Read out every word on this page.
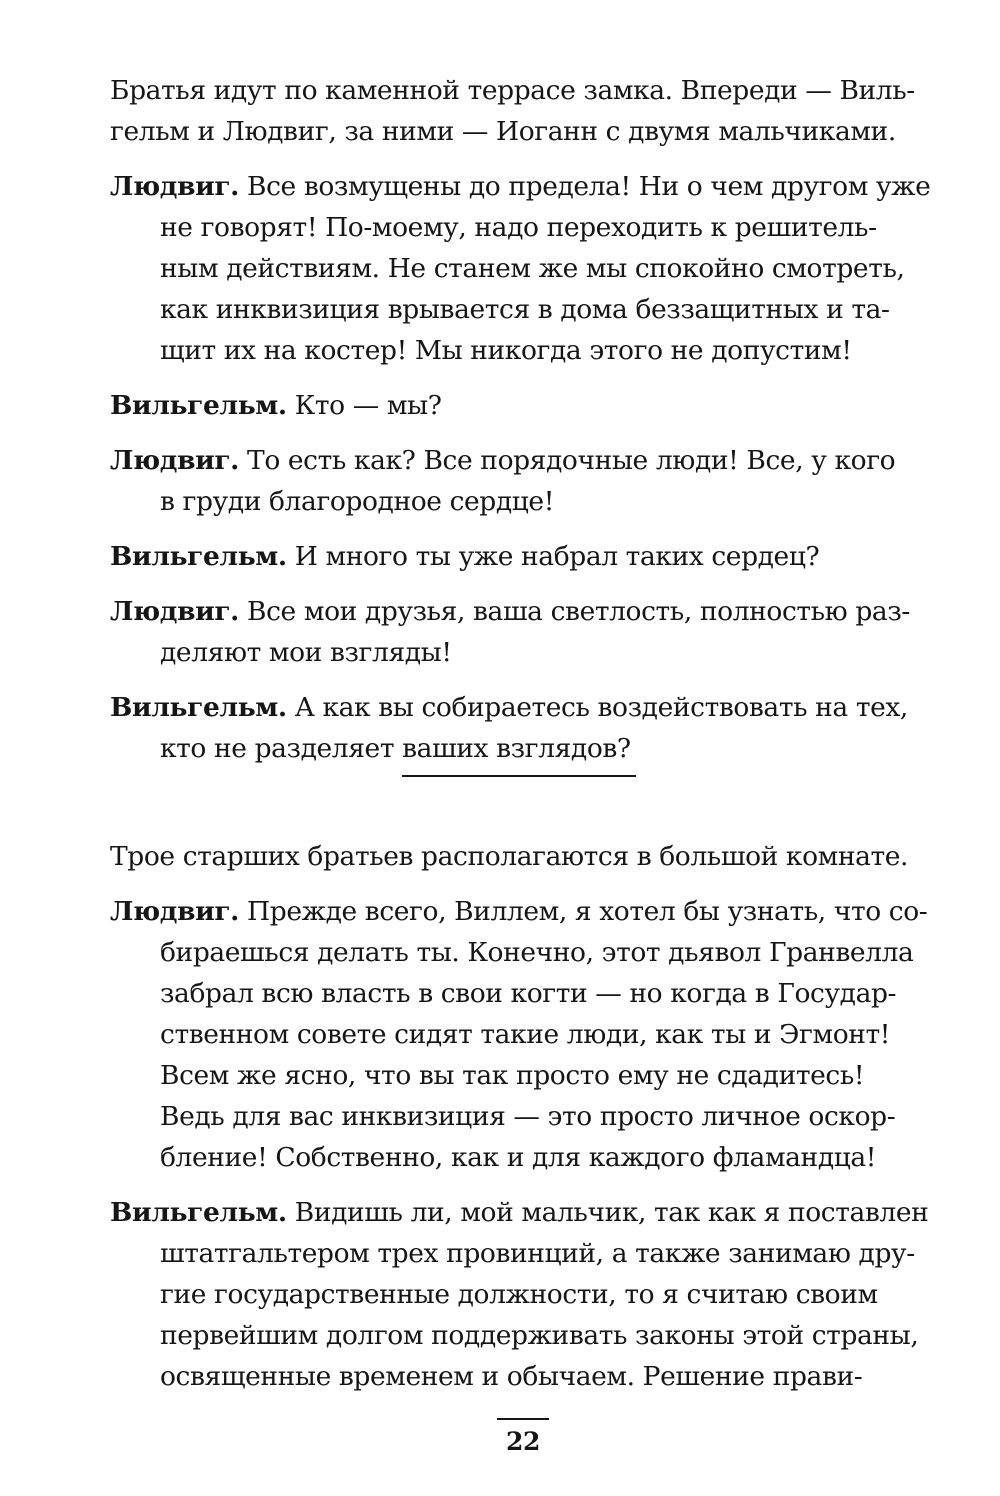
Братья идут по каменной террасе замка. Впереди — Виль-
гельм и Людвиг, за ними — Иоганн с двумя мальчиками.

Людвиг. Все возмущены до предела! Ни о чем другом уже
не говорят! По-моему, надо переходить к решитель-
ным действиям. Не станем же мы спокойно смотреть,
как инквизиция врывается в дома беззащитных и та-
щит их на костер! Мы никогда этого не допустим!

Вильгельм. Кто — мы?

Людвиг. То есть как? Все порядочные люди! Все, у кого
в груди благородное сердце!

Вильгельм. И много ты уже набрал таких сердец?

Людвиг. Все мои друзья, ваша светлость, полностью раз-
деляют мои взгляды!

Вильгельм. А как вы собираетесь воздействовать на тех,
кто не разделяет ваших взглядов?

Трое старших братьев располагаются в большой комнате.

Людвиг. Прежде всего, Виллем, я хотел бы узнать, что со-
бираешься делать ты. Конечно, этот дьявол Гранвелла
забрал всю власть в свои когти — но когда в Государ-
ственном совете сидят такие люди, как ты и Эгмонт!
Всем же ясно, что вы так просто ему не сдадитесь!
Ведь для вас инквизиция — это просто личное оскор-
бление! Собственно, как и для каждого фламандца!

Вильгельм. Видишь ли, мой мальчик, так как я поставлен
штатгальтером трех провинций, а также занимаю дру-
гие государственные должности, то я считаю своим
первейшим долгом поддерживать законы этой страны,
освященные временем и обычаем. Решение прави-

22
